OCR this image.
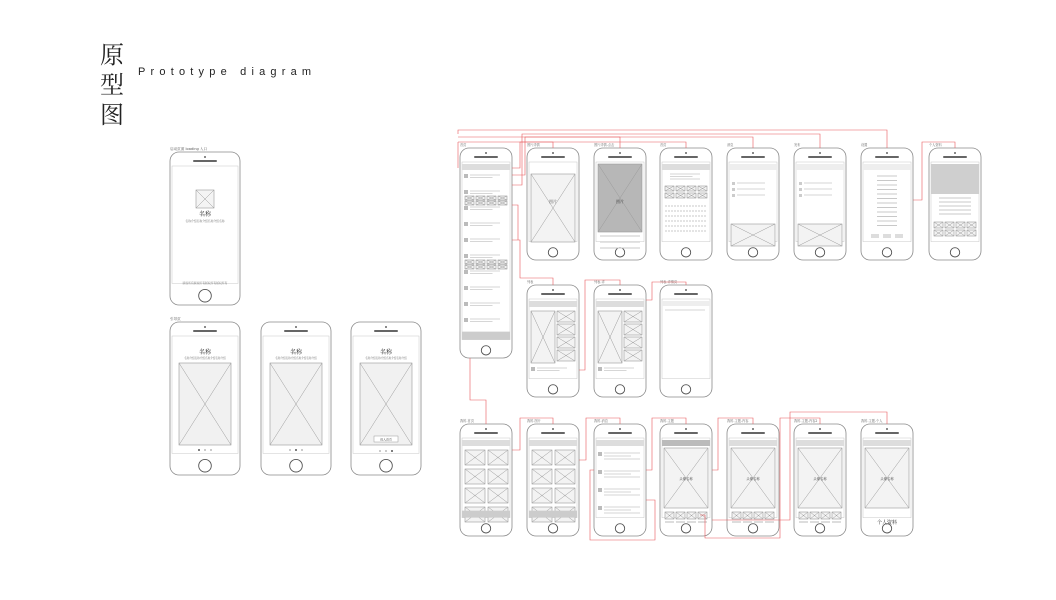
原
型
图
Prototype diagram
启动页面 loading 入口
名称
名称介绍名称介绍名称介绍名称
版权所有版权所有版权所有版权所有
引导页
名称
名称介绍名称介绍名称介绍名称介绍
名称
名称介绍名称介绍名称介绍名称介绍
名称
名称介绍名称介绍名称介绍名称介绍
进入首页
首页	图片详情	图片详情-点击	首页	消息	发布	设置	个人资料
图片	图片
列表	列表-详	列表-详情页
我的-首页	我的-图片	我的-消息	我的-主题	我的-主题-内容	我的-主题-内容2	我的-主题-个人
头像名称	头像名称	头像名称	头像名称
个人资料
